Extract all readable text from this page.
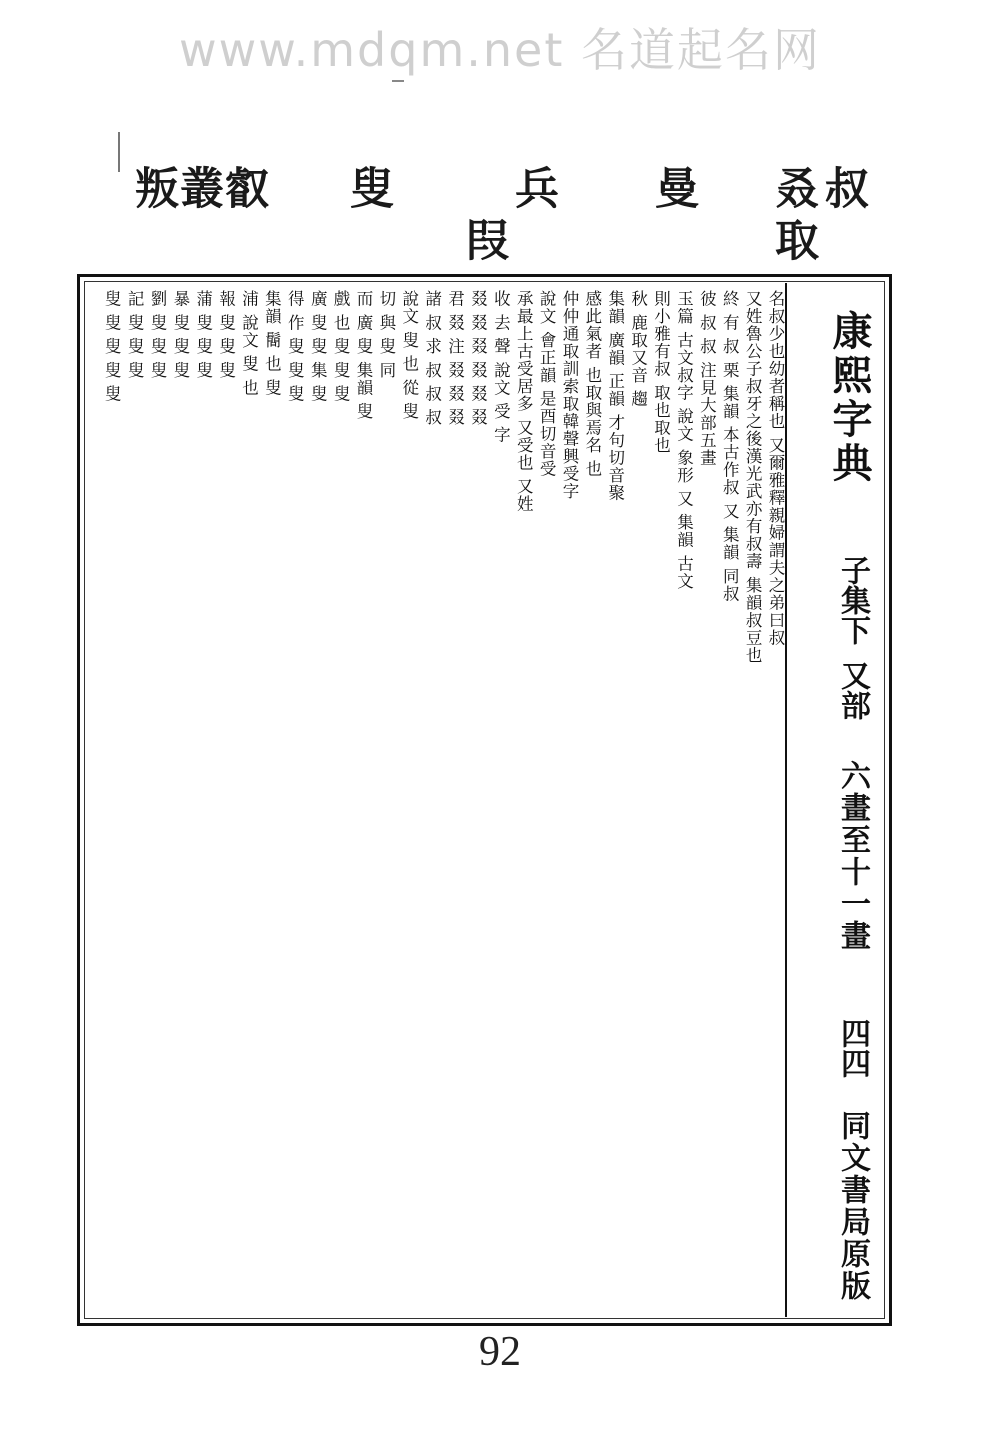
www.mdqm.net 名道起名网
叔
叒
取
曼
兵
叚
叟
叡
叢
叛
名叔少也幼者稱也 又爾雅釋親婦謂夫之弟曰叔
又姓魯公子叔牙之後漢光武亦有叔壽 集韻叔豆也
終 有 叔 栗 集韻 本古作叔 又 集韻 同叔
彼 叔 叔 注見大部五畫
玉篇 古文叔字 說文 象形 又 集韻 古文
則小雅有叔 取也取也
秋 鹿取又音 趨
集韻 廣韻 正韻 才句切音聚
感此氣者 也取與焉名 也
仲仲通取訓索取韓聲興受字
說文 會正韻 是酉切音受
承最上古受居多 又受也 又姓
收 去 聲 說文 受 字
叕 叕 叕 叕 叕 叕
君 叕 注 叕 叕 叕
諸 叔 求 叔 叔 叔
說文 叟 也 從 叟
切 與 叟 同
而 廣 叟 集韻 叟
戲 也 叟 叟 叟
廣 叟 叟 集 叟
得 作 叟 叟 叟
集韻 鬝 也 叟
浦 說文 叟 也
報 叟 叟 叟
蒲 叟 叟 叟
暴 叟 叟 叟
劉 叟 叟 叟
記 叟 叟 叟
叟 叟 叟 叟 叟	康熙字典
子集下
又部
六畫至十一畫
四四
同文書局原版
92
